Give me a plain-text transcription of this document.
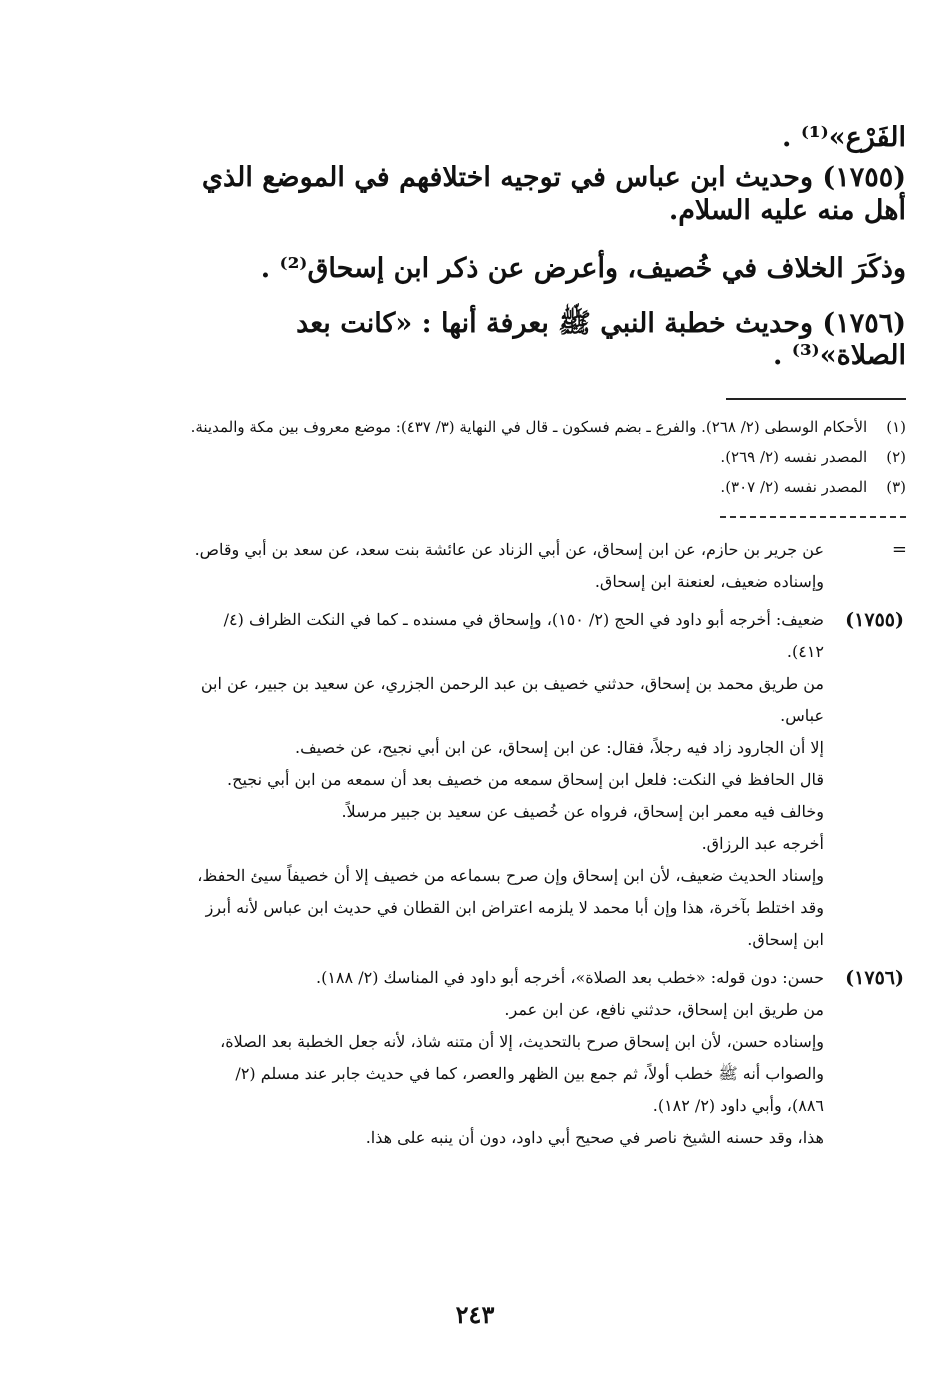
الفَرْع»⁽¹⁾ .

(١٧٥٥) وحديث ابن عباس في توجيه اختلافهم في الموضع الذي أهل منه عليه السلام.

وذكَرَ الخلاف في خُصيف، وأعرض عن ذكر ابن إسحاق⁽²⁾ .

(١٧٥٦) وحديث خطبة النبي ﷺ بعرفة أنها : «كانت بعد الصلاة»⁽³⁾ .

(١) الأحكام الوسطى (٢/ ٢٦٨). والفرع ـ بضم فسكون ـ قال في النهاية (٣/ ٤٣٧): موضع معروف بين مكة والمدينة.
(٢) المصدر نفسه (٢/ ٢٦٩).
(٣) المصدر نفسه (٢/ ٣٠٧).
=
عن جرير بن حازم، عن ابن إسحاق، عن أبي الزناد عن عائشة بنت سعد، عن سعد بن أبي وقاص.
وإسناده ضعيف، لعنعنة ابن إسحاق.
(١٧٥٥)
ضعيف: أخرجه أبو داود في الحج (٢/ ١٥٠)، وإسحاق في مسنده ـ كما في النكت الظراف (٤/ ٤١٢).
من طريق محمد بن إسحاق، حدثني خصيف بن عبد الرحمن الجزري، عن سعيد بن جبير، عن ابن عباس.
إلا أن الجارود زاد فيه رجلاً، فقال: عن ابن إسحاق، عن ابن أبي نجيح، عن خصيف.
قال الحافظ في النكت: فلعل ابن إسحاق سمعه من خصيف بعد أن سمعه من ابن أبي نجيح.
وخالف فيه معمر ابن إسحاق، فرواه عن خُصيف عن سعيد بن جبير مرسلاً.
أخرجه عبد الرزاق.
وإسناد الحديث ضعيف، لأن ابن إسحاق وإن صرح بسماعه من خصيف إلا أن خصيفاً سيئ الحفظ، وقد اختلط بآخرة، هذا وإن أبا محمد لا يلزمه اعتراض ابن القطان في حديث ابن عباس لأنه أبرز ابن إسحاق.
(١٧٥٦)
حسن: دون قوله: «خطب بعد الصلاة»، أخرجه أبو داود في المناسك (٢/ ١٨٨).
من طريق ابن إسحاق، حدثني نافع، عن ابن عمر.
وإسناده حسن، لأن ابن إسحاق صرح بالتحديث، إلا أن متنه شاذ، لأنه جعل الخطبة بعد الصلاة، والصواب أنه ﷺ خطب أولاً، ثم جمع بين الظهر والعصر، كما في حديث جابر عند مسلم (٢/ ٨٨٦)، وأبي داود (٢/ ١٨٢).
هذا، وقد حسنه الشيخ ناصر في صحيح أبي داود، دون أن ينبه على هذا.
٢٤٣
